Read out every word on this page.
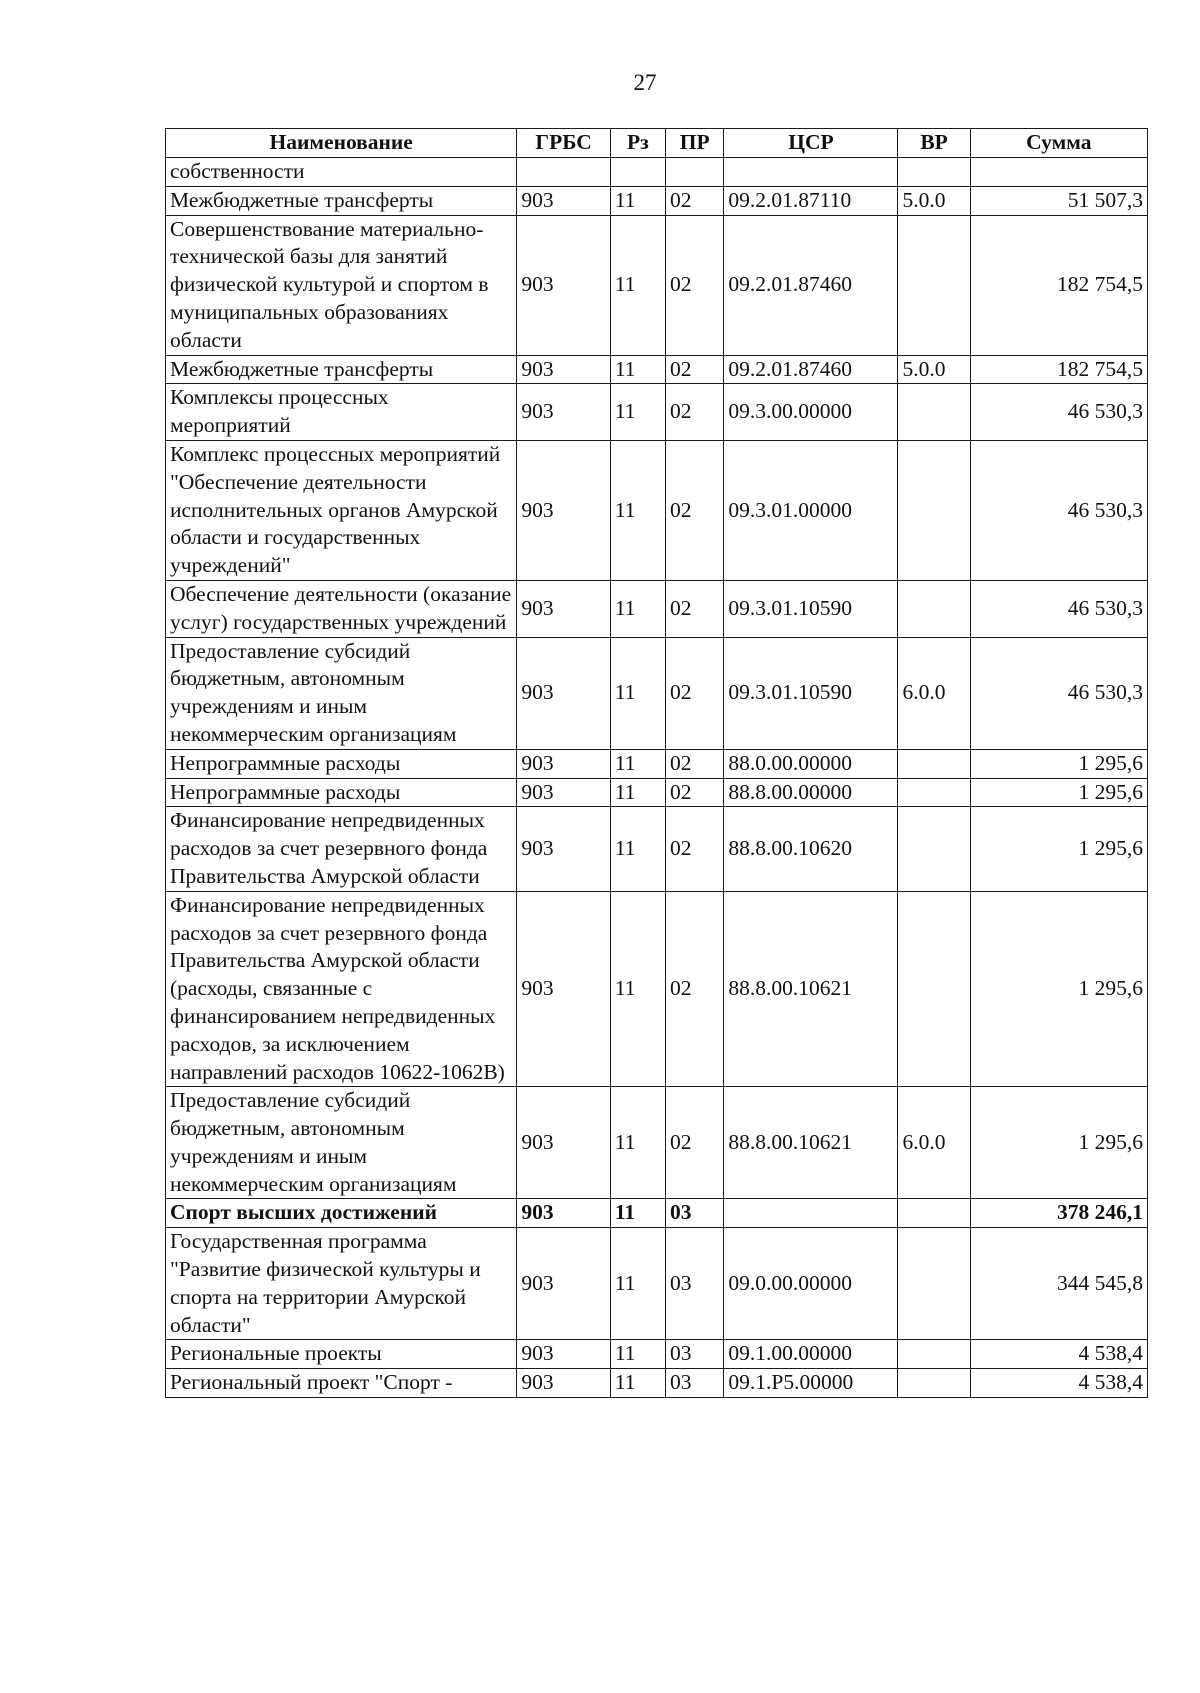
27
Наименование	ГРБС	Рз	ПР	ЦСР	ВР	Сумма
собственности						
Межбюджетные трансферты	903	11	02	09.2.01.87110	5.0.0	51 507,3
Совершенствование материально-технической базы для занятий физической культурой и спортом в муниципальных образованиях области	903	11	02	09.2.01.87460		182 754,5
Межбюджетные трансферты	903	11	02	09.2.01.87460	5.0.0	182 754,5
Комплексы процессных мероприятий	903	11	02	09.3.00.00000		46 530,3
Комплекс процессных мероприятий "Обеспечение деятельности исполнительных органов Амурской области и государственных учреждений"	903	11	02	09.3.01.00000		46 530,3
Обеспечение деятельности (оказание услуг) государственных учреждений	903	11	02	09.3.01.10590		46 530,3
Предоставление субсидий бюджетным, автономным учреждениям и иным некоммерческим организациям	903	11	02	09.3.01.10590	6.0.0	46 530,3
Непрограммные расходы	903	11	02	88.0.00.00000		1 295,6
Непрограммные расходы	903	11	02	88.8.00.00000		1 295,6
Финансирование непредвиденных расходов за счет резервного фонда Правительства Амурской области	903	11	02	88.8.00.10620		1 295,6
Финансирование непредвиденных расходов за счет резервного фонда Правительства Амурской области (расходы, связанные с финансированием непредвиденных расходов, за исключением направлений расходов 10622-1062В)	903	11	02	88.8.00.10621		1 295,6
Предоставление субсидий бюджетным, автономным учреждениям и иным некоммерческим организациям	903	11	02	88.8.00.10621	6.0.0	1 295,6
Спорт высших достижений	903	11	03			378 246,1
Государственная программа "Развитие физической культуры и спорта на территории Амурской области"	903	11	03	09.0.00.00000		344 545,8
Региональные проекты	903	11	03	09.1.00.00000		4 538,4
Региональный проект "Спорт -	903	11	03	09.1.Р5.00000		4 538,4
